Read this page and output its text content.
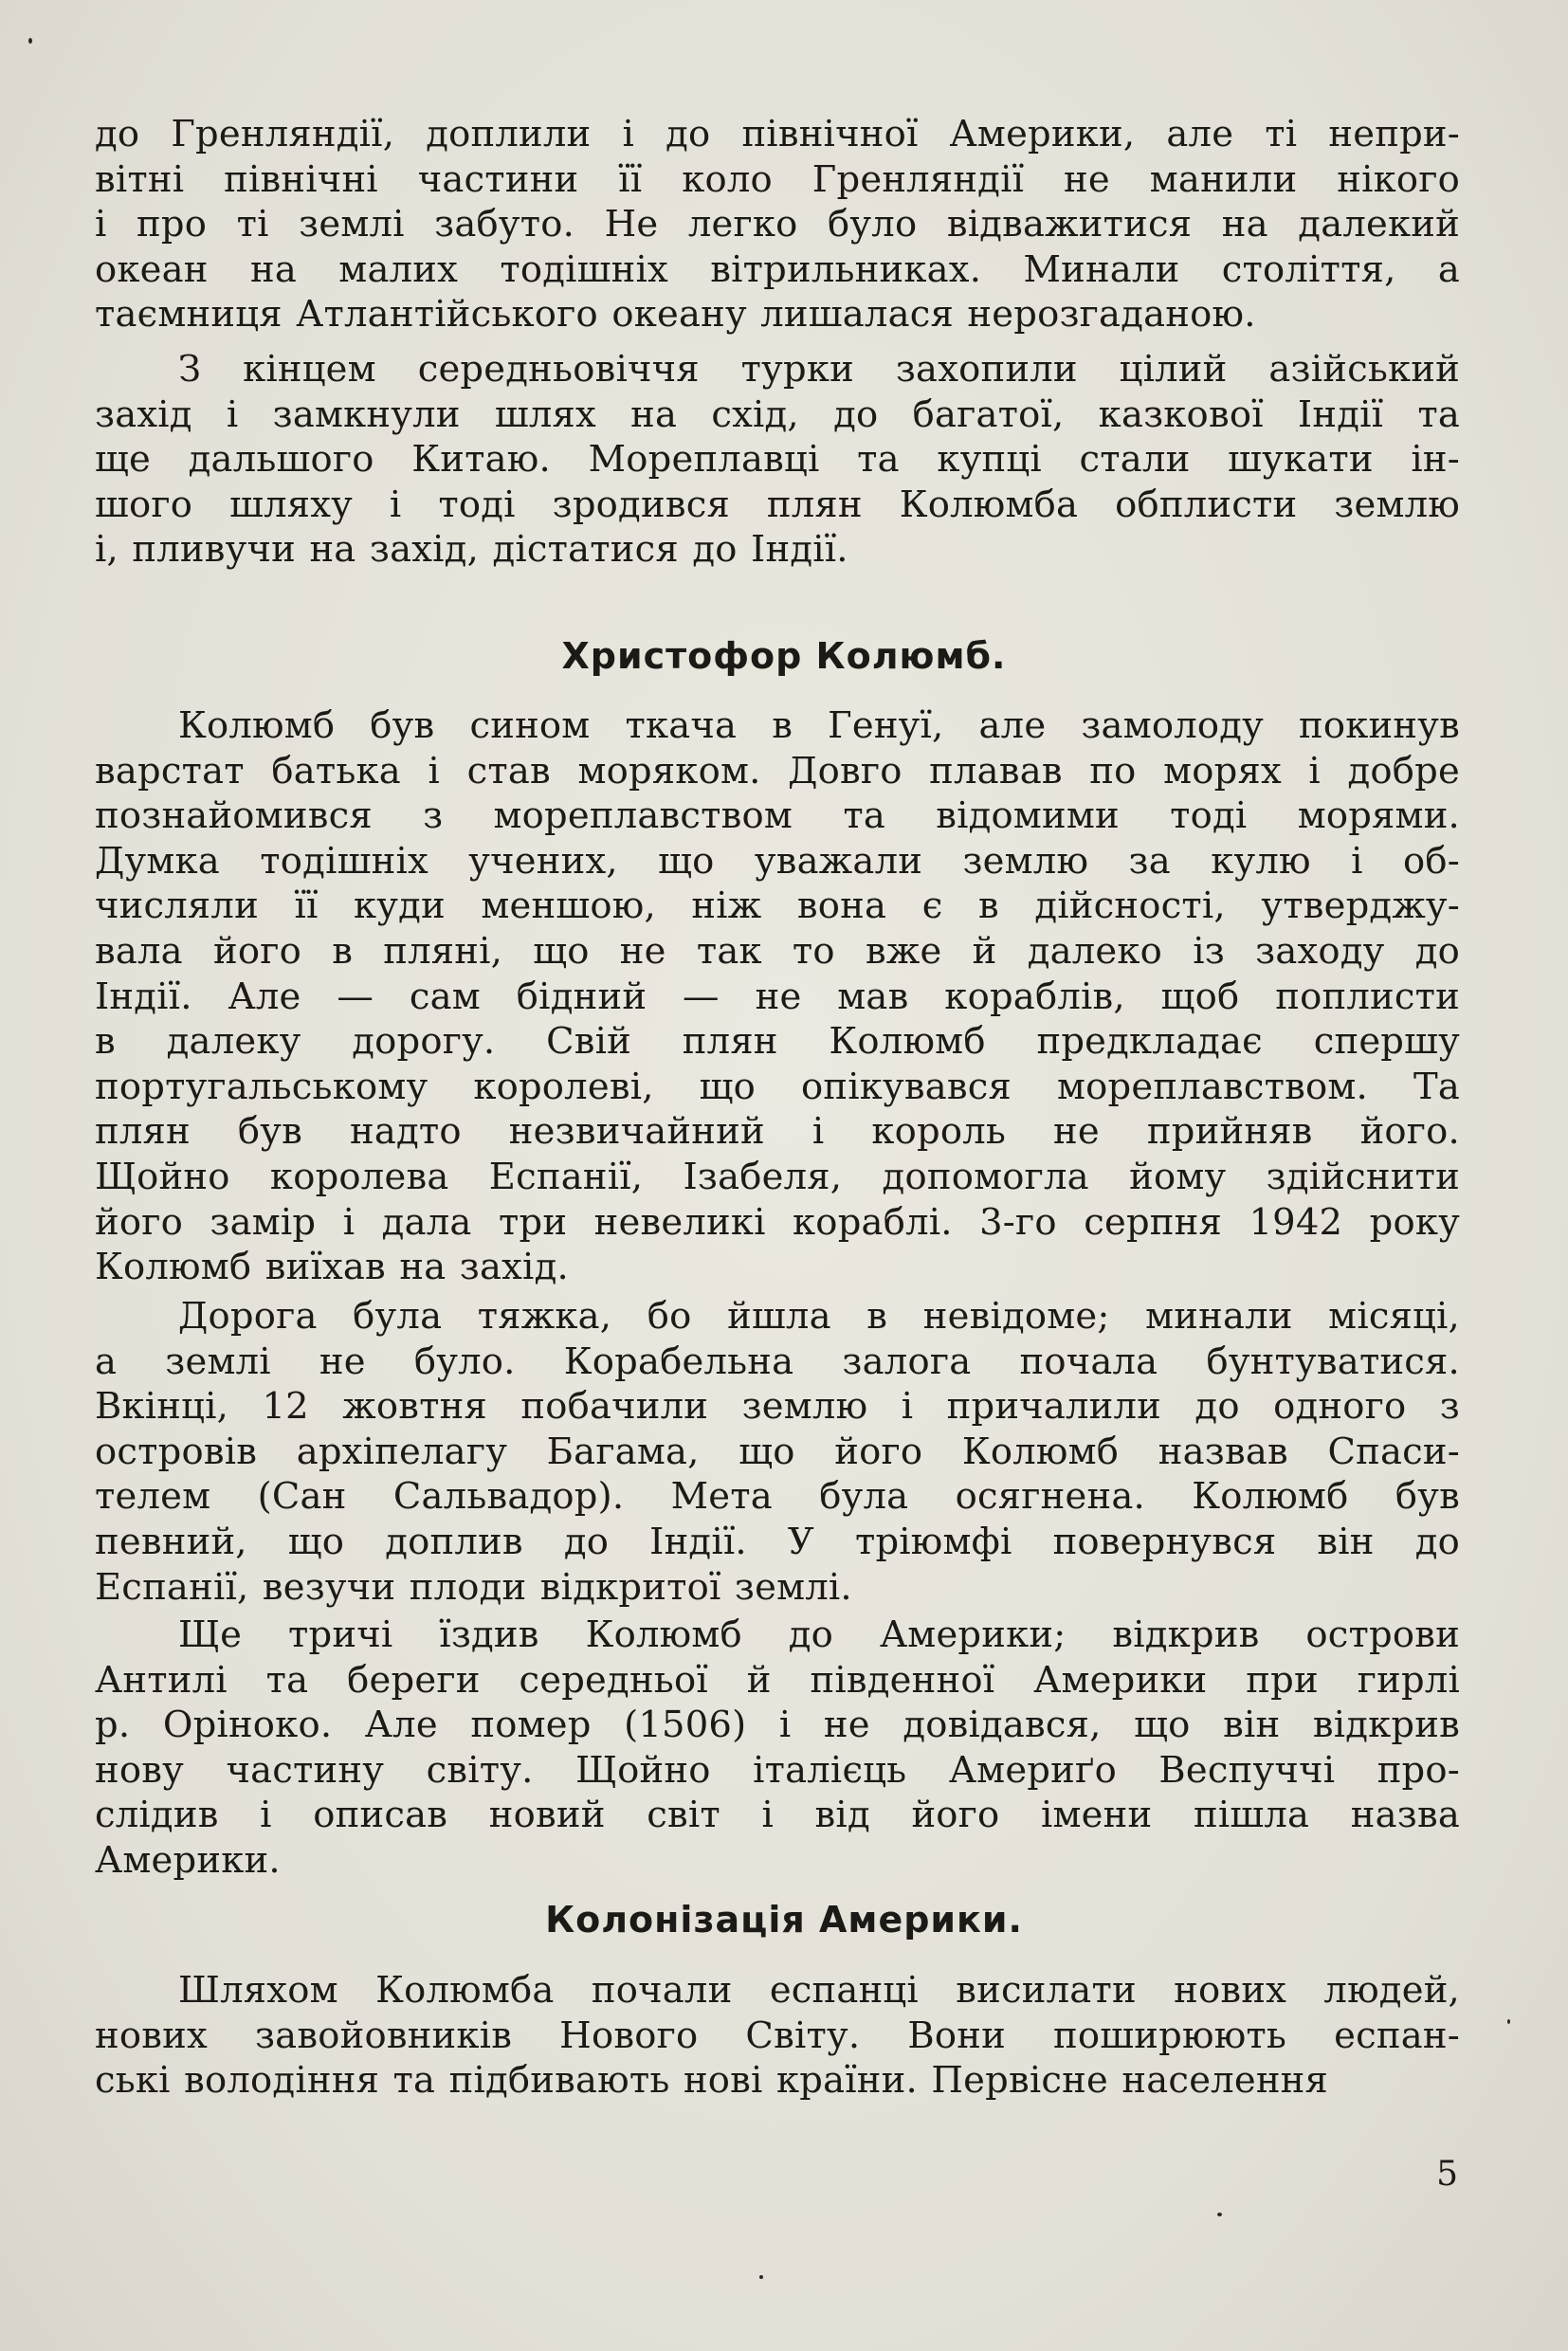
до Гренляндії, доплили і до північної Америки, але ті непри-
вітні північні частини її коло Гренляндії не манили нікого
і про ті землі забуто. Не легко було відважитися на далекий
океан на малих тодішніх вітрильниках. Минали століття, а
таємниця Атлантійського океану лишалася нерозгаданою.

З кінцем середньовіччя турки захопили цілий азійський
захід і замкнули шлях на схід, до багатої, казкової Індії та
ще дальшого Китаю. Мореплавці та купці стали шукати ін-
шого шляху і тоді зродився плян Колюмба обплисти землю
і, пливучи на захід, дістатися до Індії.

Христофор Колюмб.

Колюмб був сином ткача в Генуї, але замолоду покинув
варстат батька і став моряком. Довго плавав по морях і добре
познайомився з мореплавством та відомими тоді морями.
Думка тодішніх учених, що уважали землю за кулю і об-
числяли її куди меншою, ніж вона є в дійсності, утверджу-
вала його в пляні, що не так то вже й далеко із заходу до
Індії. Але — сам бідний — не мав кораблів, щоб поплисти
в далеку дорогу. Свій плян Колюмб предкладає спершу
португальському королеві, що опікувався мореплавством. Та
плян був надто незвичайний і король не прийняв його.
Щойно королева Еспанії, Ізабеля, допомогла йому здійснити
його замір і дала три невеликі кораблі. 3-го серпня 1942 року
Колюмб виїхав на захід.

Дорога була тяжка, бо йшла в невідоме; минали місяці,
а землі не було. Корабельна залога почала бунтуватися.
Вкінці, 12 жовтня побачили землю і причалили до одного з
островів архіпелагу Багама, що його Колюмб назвав Спаси-
телем (Сан Сальвадор). Мета була осягнена. Колюмб був
певний, що доплив до Індії. У тріюмфі повернувся він до
Еспанії, везучи плоди відкритої землі.

Ще тричі їздив Колюмб до Америки; відкрив острови
Антилі та береги середньої й південної Америки при гирлі
р. Оріноко. Але помер (1506) і не довідався, що він відкрив
нову частину світу. Щойно італієць Америґо Веспуччі про-
слідив і описав новий світ і від його імени пішла назва
Америки.

Колонізація Америки.

Шляхом Колюмба почали еспанці висилати нових людей,
нових завойовників Нового Світу. Вони поширюють еспан-
ські володіння та підбивають нові країни. Первісне населення

5
